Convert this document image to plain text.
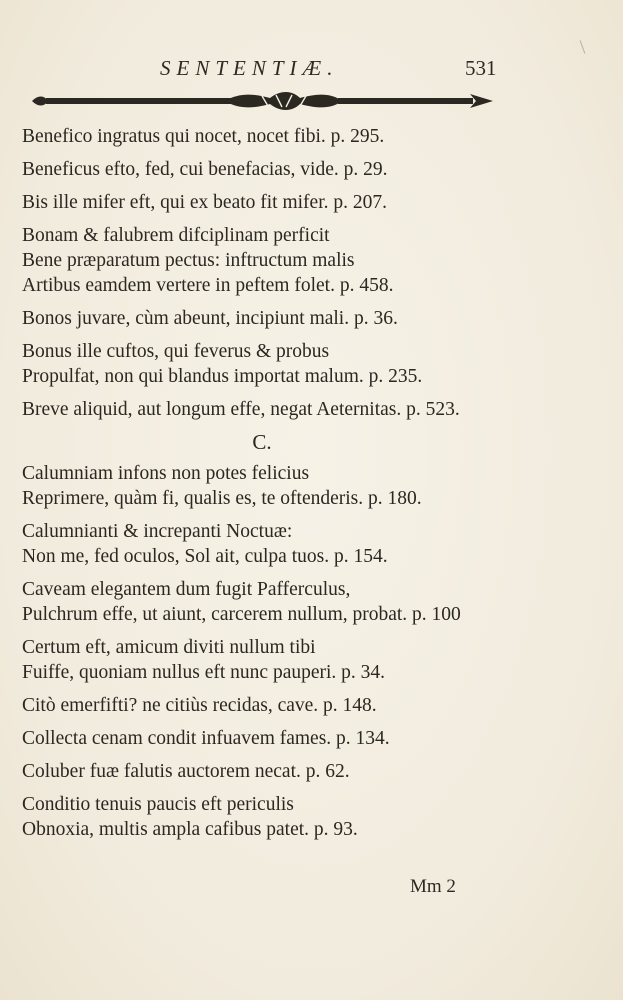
SENTENTIÆ.	531
Benefico ingratus qui nocet, nocet fibi. p. 295.
Beneficus efto, fed, cui benefacias, vide. p. 29.
Bis ille mifer eft, qui ex beato fit mifer. p. 207.
Bonam & falubrem difciplinam perficit
Bene præparatum pectus: inftructum malis
Artibus eamdem vertere in peftem folet. p. 458.
Bonos juvare, cùm abeunt, incipiunt mali. p. 36.
Bonus ille cuftos, qui feverus & probus
Propulfat, non qui blandus importat malum. p. 235.
Breve aliquid, aut longum effe, negat Aeternitas. p. 523.
C.
Calumniam infons non potes felicius
Reprimere, quàm fi, qualis es, te oftenderis. p. 180.
Calumnianti & increpanti Noctuæ:
Non me, fed oculos, Sol ait, culpa tuos. p. 154.
Caveam elegantem dum fugit Pafferculus,
Pulchrum effe, ut aiunt, carcerem nullum, probat. p. 100
Certum eft, amicum diviti nullum tibi
Fuiffe, quoniam nullus eft nunc pauperi. p. 34.
Citò emerfifti? ne citiùs recidas, cave. p. 148.
Collecta cenam condit infuavem fames. p. 134.
Coluber fuæ falutis auctorem necat. p. 62.
Conditio tenuis paucis eft periculis
Obnoxia, multis ampla cafibus patet. p. 93.
Mm 2
